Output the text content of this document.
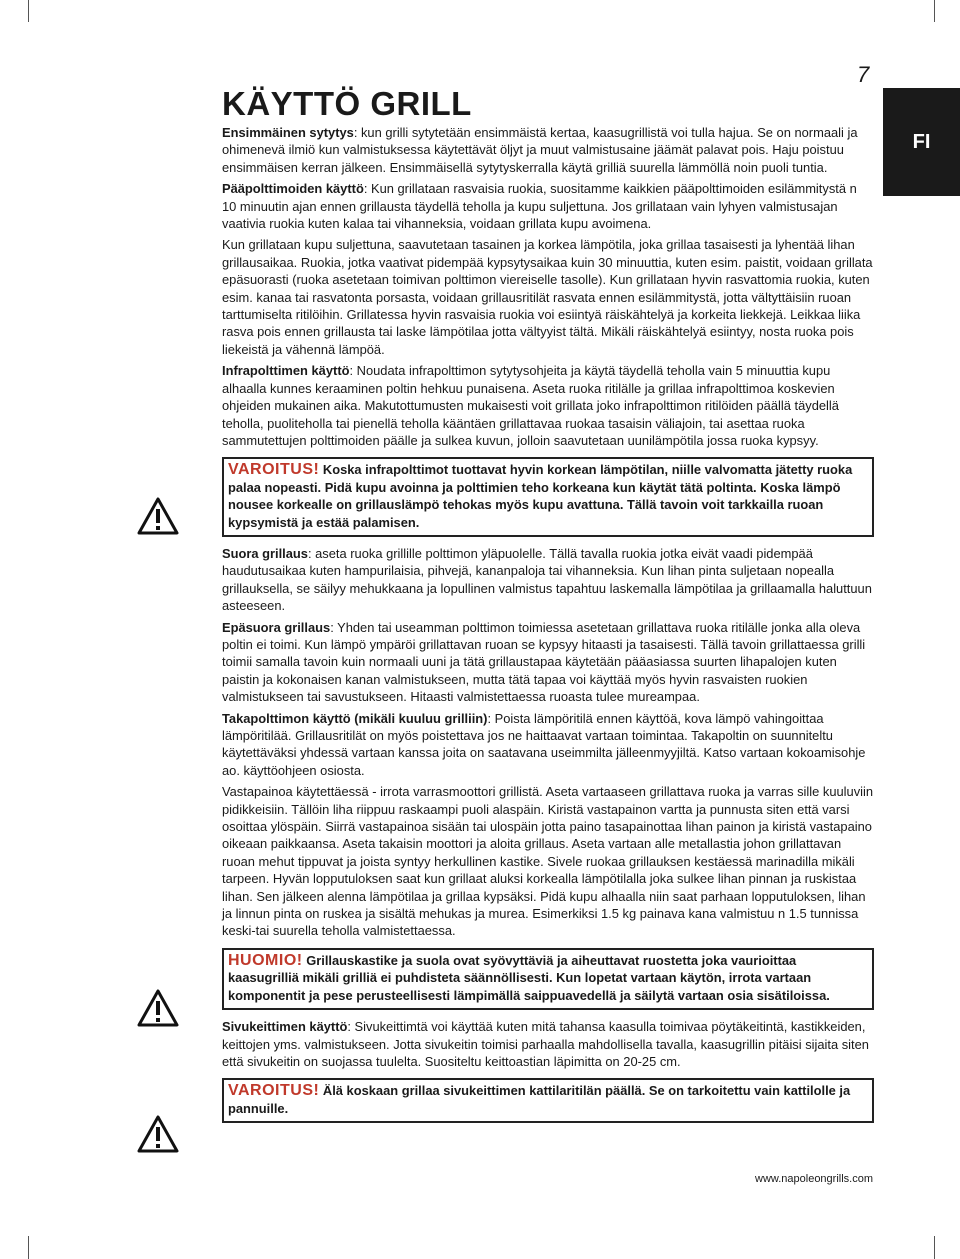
7
FI
KÄYTTÖ GRILL

Ensimmäinen sytytys: kun grilli sytytetään ensimmäistä kertaa, kaasugrillistä voi tulla hajua. Se on normaali ja ohimenevä ilmiö kun valmistuksessa käytettävät öljyt ja muut valmistusaine jäämät palavat pois. Haju poistuu ensimmäisen kerran jälkeen. Ensimmäisellä sytytyskerralla käytä grilliä suurella lämmöllä noin puoli tuntia.

Pääpolttimoiden käyttö: Kun grillataan rasvaisia ruokia, suositamme kaikkien pääpolttimoiden esilämmitystä n 10 minuutin ajan ennen grillausta täydellä teholla ja kupu suljettuna. Jos grillataan vain lyhyen valmistusajan vaativia ruokia kuten kalaa tai vihanneksia, voidaan grillata kupu avoimena.

Kun grillataan kupu suljettuna, saavutetaan tasainen ja korkea lämpötila, joka grillaa tasaisesti ja lyhentää lihan grillausaikaa. Ruokia, jotka vaativat pidempää kypsytysaikaa kuin 30 minuuttia, kuten esim. paistit, voidaan grillata epäsuorasti (ruoka asetetaan toimivan polttimon viereiselle tasolle). Kun grillataan hyvin rasvattomia ruokia, kuten esim. kanaa tai rasvatonta porsasta, voidaan grillausritilät rasvata ennen esilämmitystä, jotta vältyttäisiin ruoan tarttumiselta ritilöihin. Grillatessa hyvin rasvaisia ruokia voi esiintyä räiskähtelyä ja korkeita liekkejä. Leikkaa liika rasva pois ennen grillausta tai laske lämpötilaa jotta vältyyist tältä. Mikäli räiskähtelyä esiintyy, nosta ruoka pois liekeistä ja vähennä lämpöä.

Infrapolttimen käyttö: Noudata infrapolttimon sytytysohjeita ja käytä täydellä teholla vain 5 minuuttia kupu alhaalla kunnes keraaminen poltin hehkuu punaisena. Aseta ruoka ritilälle ja grillaa infrapolttimoa koskevien ohjeiden mukainen aika. Makutottumusten mukaisesti voit grillata joko infrapolttimon ritilöiden päällä täydellä teholla, puoliteholla tai pienellä teholla kääntäen grillattavaa ruokaa tasaisin väliajoin, tai asettaa ruoka sammutettujen polttimoiden päälle ja sulkea kuvun, jolloin saavutetaan uunilämpötila jossa ruoka kypsyy.

VAROITUS! Koska infrapolttimot tuottavat hyvin korkean lämpötilan, niille valvomatta jätetty ruoka palaa nopeasti. Pidä kupu avoinna ja polttimien teho korkeana kun käytät tätä poltinta. Koska lämpö nousee korkealle on grillauslämpö tehokas myös kupu avattuna. Tällä tavoin voit tarkkailla ruoan kypsymistä ja estää palamisen.

Suora grillaus: aseta ruoka grillille polttimon yläpuolelle. Tällä tavalla ruokia jotka eivät vaadi pidempää haudutusaikaa kuten hampurilaisia, pihvejä, kananpaloja tai vihanneksia. Kun lihan pinta suljetaan nopealla grillauksella, se säilyy mehukkaana ja lopullinen valmistus tapahtuu laskemalla lämpötilaa ja grillaamalla haluttuun asteeseen.

Epäsuora grillaus: Yhden tai useamman polttimon toimiessa asetetaan grillattava ruoka ritilälle jonka alla oleva poltin ei toimi. Kun lämpö ympäröi grillattavan ruoan se kypsyy hitaasti ja tasaisesti. Tällä tavoin grillattaessa grilli toimii samalla tavoin kuin normaali uuni ja tätä grillaustapaa käytetään pääasiassa suurten lihapalojen kuten paistin ja kokonaisen kanan valmistukseen, mutta tätä tapaa voi käyttää myös hyvin rasvaisten ruokien valmistukseen tai savustukseen. Hitaasti valmistettaessa ruoasta tulee mureampaa.

Takapolttimon käyttö (mikäli kuuluu grilliin): Poista lämpöritilä ennen käyttöä, kova lämpö vahingoittaa lämpöritilää. Grillausritilät on myös poistettava jos ne haittaavat vartaan toimintaa. Takapoltin on suunniteltu käytettäväksi yhdessä vartaan kanssa joita on saatavana useimmilta jälleenmyyjiltä. Katso vartaan kokoamisohje ao. käyttöohjeen osiosta.

Vastapainoa käytettäessä - irrota varrasmoottori grillistä. Aseta vartaaseen grillattava ruoka ja varras sille kuuluviin pidikkeisiin. Tällöin liha riippuu raskaampi puoli alaspäin. Kiristä vastapainon vartta ja punnusta siten että varsi osoittaa ylöspäin. Siirrä vastapainoa sisään tai ulospäin jotta paino tasapainottaa lihan painon ja kiristä vastapaino oikeaan paikkaansa. Aseta takaisin moottori ja aloita grillaus. Aseta vartaan alle metallastia johon grillattavan ruoan mehut tippuvat ja joista syntyy herkullinen kastike. Sivele ruokaa grillauksen kestäessä marinadilla mikäli tarpeen. Hyvän lopputuloksen saat kun grillaat aluksi korkealla lämpötilalla joka sulkee lihan pinnan ja ruskistaa lihan. Sen jälkeen alenna lämpötilaa ja grillaa kypsäksi. Pidä kupu alhaalla niin saat parhaan lopputuloksen, lihan ja linnun pinta on ruskea ja sisältä mehukas ja murea. Esimerkiksi 1.5 kg painava kana valmistuu n 1.5 tunnissa keski-tai suurella teholla valmistettaessa.

HUOMIO! Grillauskastike ja suola ovat syövyttäviä ja aiheuttavat ruostetta joka vaurioittaa kaasugrilliä mikäli grilliä ei puhdisteta säännöllisesti. Kun lopetat vartaan käytön, irrota vartaan komponentit ja pese perusteellisesti lämpimällä saippuavedellä ja säilytä vartaan osia sisätiloissa.

Sivukeittimen käyttö: Sivukeittimtä voi käyttää kuten mitä tahansa kaasulla toimivaa pöytäkeitintä, kastikkeiden, keittojen yms. valmistukseen. Jotta sivukeitin toimisi parhaalla mahdollisella tavalla, kaasugrillin pitäisi sijaita siten että sivukeitin on suojassa tuulelta. Suositeltu keittoastian läpimitta on 20-25 cm.

VAROITUS! Älä koskaan grillaa sivukeittimen kattilaritilän päällä. Se on tarkoitettu vain kattilolle ja pannuille.
www.napoleongrills.com
